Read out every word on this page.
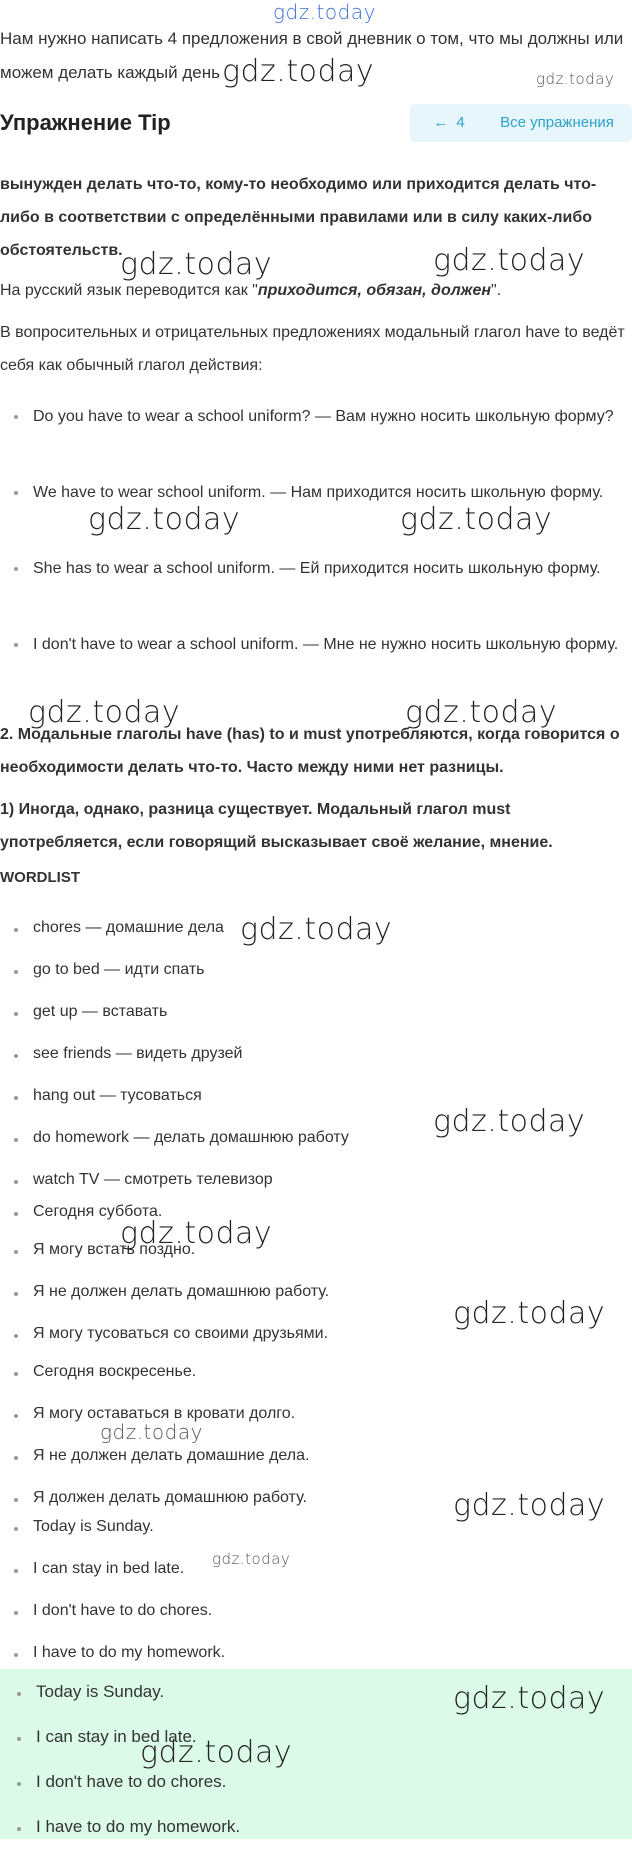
gdz.today
Нам нужно написать 4 предложения в свой дневник о том, что мы должны или можем делать каждый день
Упражнение Tip	← 4	Все упражнения
вынужден делать что-то, кому-то необходимо или приходится делать что-либо в соответствии с определёнными правилами или в силу каких-либо обстоятельств.
На русский язык переводится как "приходится, обязан, должен".
В вопросительных и отрицательных предложениях модальный глагол have to ведёт себя как обычный глагол действия:
Do you have to wear a school uniform? — Вам нужно носить школьную форму?
We have to wear school uniform. — Нам приходится носить школьную форму.
She has to wear a school uniform. — Ей приходится носить школьную форму.
I don't have to wear a school uniform. — Мне не нужно носить школьную форму.
2. Модальные глаголы have (has) to и must употребляются, когда говорится о необходимости делать что-то. Часто между ними нет разницы.
1) Иногда, однако, разница существует. Модальный глагол must употребляется, если говорящий высказывает своё желание, мнение.
WORDLIST
chores — домашние дела
go to bed — идти спать
get up — вставать
see friends — видеть друзей
hang out — тусоваться
do homework — делать домашнюю работу
watch TV — смотреть телевизор
Сегодня суббота.
Я могу встать поздно.
Я не должен делать домашнюю работу.
Я могу тусоваться со своими друзьями.
Сегодня воскресенье.
Я могу оставаться в кровати долго.
Я не должен делать домашние дела.
Я должен делать домашнюю работу.
Today is Sunday.
I can stay in bed late.
I don't have to do chores.
I have to do my homework.
Today is Sunday.
I can stay in bed late.
I don't have to do chores.
I have to do my homework.
gdz.today	gdz.today
gdz.today	gdz.today
gdz.today	gdz.today
gdz.today	gdz.today
gdz.today
gdz.today
gdz.today
gdz.today
gdz.today
gdz.today
gdz.today
gdz.today
gdz.today
